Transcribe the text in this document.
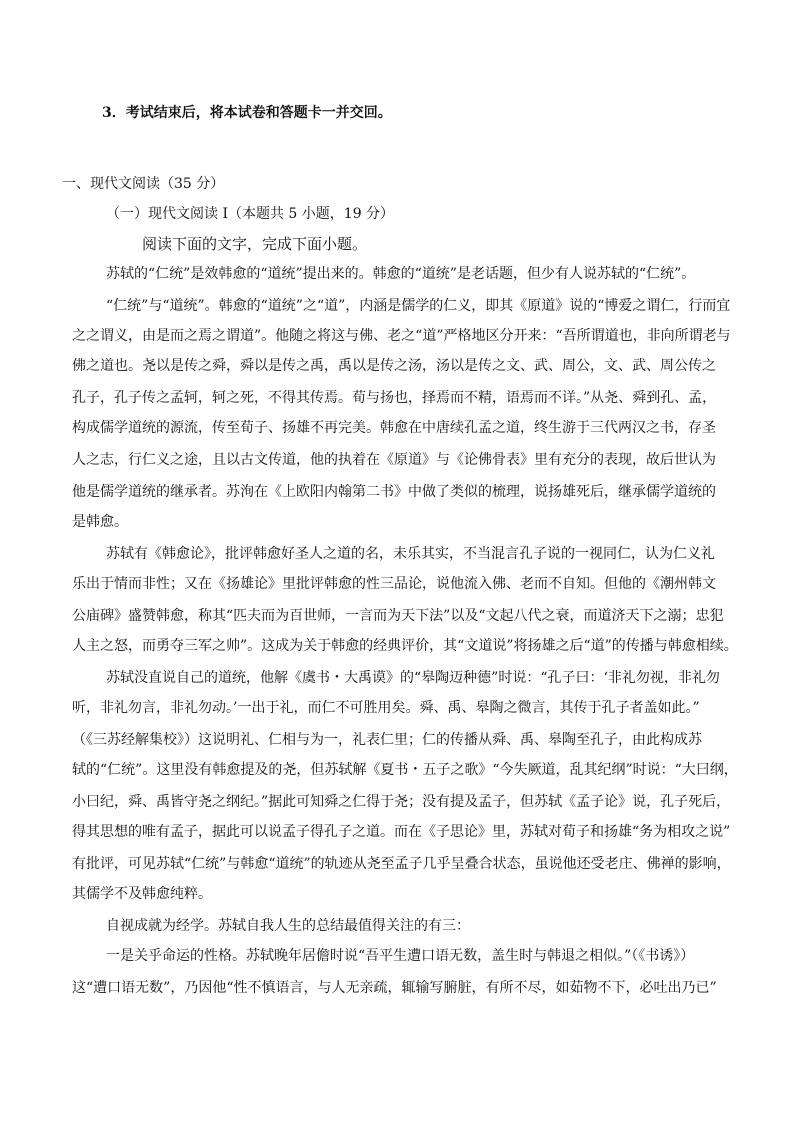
3．考试结束后，将本试卷和答题卡一并交回。
一、现代文阅读（35 分）
（一）现代文阅读 I（本题共 5 小题，19 分）
阅读下面的文字，完成下面小题。
苏轼的“仁统”是效韩愈的“道统”提出来的。韩愈的“道统”是老话题，但少有人说苏轼的“仁统”。
“仁统”与“道统”。韩愈的“道统”之“道”，内涵是儒学的仁义，即其《原道》说的“博爱之谓仁，行而宜
之之谓义，由是而之焉之谓道”。他随之将这与佛、老之“道”严格地区分开来：“吾所谓道也，非向所谓老与
佛之道也。尧以是传之舜，舜以是传之禹，禹以是传之汤，汤以是传之文、武、周公，文、武、周公传之
孔子，孔子传之孟轲，轲之死，不得其传焉。荀与扬也，择焉而不精，语焉而不详。”从尧、舜到孔、孟，
构成儒学道统的源流，传至荀子、扬雄不再完美。韩愈在中唐续孔孟之道，终生游于三代两汉之书，存圣
人之志，行仁义之途，且以古文传道，他的执着在《原道》与《论佛骨表》里有充分的表现，故后世认为
他是儒学道统的继承者。苏洵在《上欧阳内翰第二书》中做了类似的梳理，说扬雄死后，继承儒学道统的
是韩愈。
苏轼有《韩愈论》，批评韩愈好圣人之道的名，未乐其实，不当混言孔子说的一视同仁，认为仁义礼
乐出于情而非性；又在《扬雄论》里批评韩愈的性三品论，说他流入佛、老而不自知。但他的《潮州韩文
公庙碑》盛赞韩愈，称其“匹夫而为百世师，一言而为天下法”以及“文起八代之衰，而道济天下之溺；忠犯
人主之怒，而勇夺三军之帅”。这成为关于韩愈的经典评价，其“文道说”将扬雄之后“道”的传播与韩愈相续。
苏轼没直说自己的道统，他解《虞书・大禹谟》的“皋陶迈种德”时说：“孔子曰：‘非礼勿视，非礼勿
听，非礼勿言，非礼勿动。’一出于礼，而仁不可胜用矣。舜、禹、皋陶之微言，其传于孔子者盖如此。”
（《三苏经解集校》）这说明礼、仁相与为一，礼表仁里；仁的传播从舜、禹、皋陶至孔子，由此构成苏
轼的“仁统”。这里没有韩愈提及的尧，但苏轼解《夏书・五子之歌》“今失厥道，乱其纪纲”时说：“大曰纲，
小曰纪，舜、禹皆守尧之纲纪。”据此可知舜之仁得于尧；没有提及孟子，但苏轼《孟子论》说，孔子死后，
得其思想的唯有孟子，据此可以说孟子得孔子之道。而在《子思论》里，苏轼对荀子和扬雄“务为相攻之说”
有批评，可见苏轼“仁统”与韩愈“道统”的轨迹从尧至孟子几乎呈叠合状态，虽说他还受老庄、佛禅的影响，
其儒学不及韩愈纯粹。
自视成就为经学。苏轼自我人生的总结最值得关注的有三：
一是关乎命运的性格。苏轼晚年居儋时说“吾平生遭口语无数，盖生时与韩退之相似。”（《书诱》）
这“遭口语无数”，乃因他“性不慎语言，与人无亲疏，辄输写腑脏，有所不尽，如茹物不下，必吐出乃已”
